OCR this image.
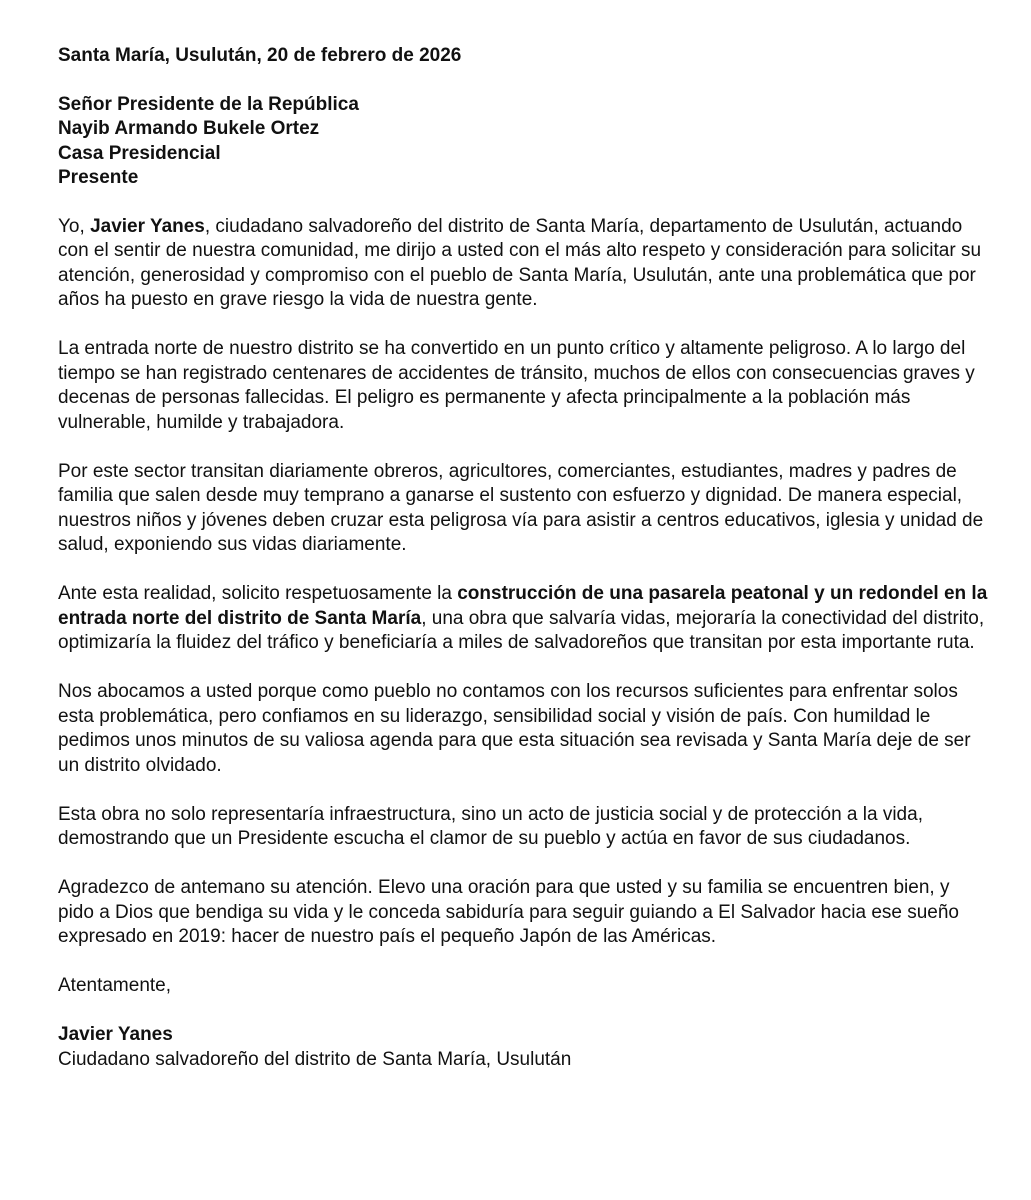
Santa María, Usulután, 20 de febrero de 2026

Señor Presidente de la República
Nayib Armando Bukele Ortez
Casa Presidencial
Presente

Yo, Javier Yanes, ciudadano salvadoreño del distrito de Santa María, departamento de Usulután, actuando con el sentir de nuestra comunidad, me dirijo a usted con el más alto respeto y consideración para solicitar su atención, generosidad y compromiso con el pueblo de Santa María, Usulután, ante una problemática que por años ha puesto en grave riesgo la vida de nuestra gente.

La entrada norte de nuestro distrito se ha convertido en un punto crítico y altamente peligroso. A lo largo del tiempo se han registrado centenares de accidentes de tránsito, muchos de ellos con consecuencias graves y decenas de personas fallecidas. El peligro es permanente y afecta principalmente a la población más vulnerable, humilde y trabajadora.

Por este sector transitan diariamente obreros, agricultores, comerciantes, estudiantes, madres y padres de familia que salen desde muy temprano a ganarse el sustento con esfuerzo y dignidad. De manera especial, nuestros niños y jóvenes deben cruzar esta peligrosa vía para asistir a centros educativos, iglesia y unidad de salud, exponiendo sus vidas diariamente.

Ante esta realidad, solicito respetuosamente la construcción de una pasarela peatonal y un redondel en la entrada norte del distrito de Santa María, una obra que salvaría vidas, mejoraría la conectividad del distrito, optimizaría la fluidez del tráfico y beneficiaría a miles de salvadoreños que transitan por esta importante ruta.

Nos abocamos a usted porque como pueblo no contamos con los recursos suficientes para enfrentar solos esta problemática, pero confiamos en su liderazgo, sensibilidad social y visión de país. Con humildad le pedimos unos minutos de su valiosa agenda para que esta situación sea revisada y Santa María deje de ser un distrito olvidado.

Esta obra no solo representaría infraestructura, sino un acto de justicia social y de protección a la vida, demostrando que un Presidente escucha el clamor de su pueblo y actúa en favor de sus ciudadanos.

Agradezco de antemano su atención. Elevo una oración para que usted y su familia se encuentren bien, y pido a Dios que bendiga su vida y le conceda sabiduría para seguir guiando a El Salvador hacia ese sueño expresado en 2019: hacer de nuestro país el pequeño Japón de las Américas.

Atentamente,

Javier Yanes

Ciudadano salvadoreño del distrito de Santa María, Usulután
